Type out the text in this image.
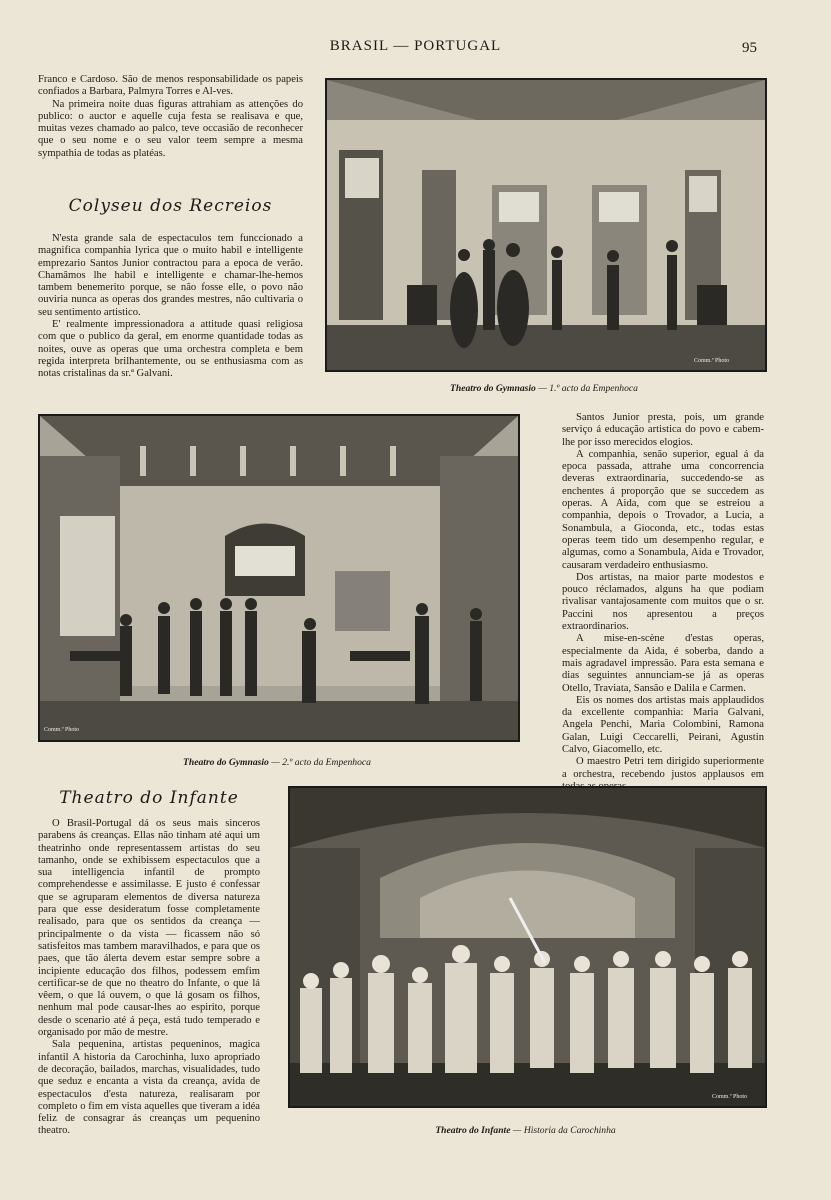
BRASIL — PORTUGAL	95

Franco e Cardoso. São de menos responsabilidade os papeis confiados a Barbara, Palmyra Torres e Al-ves.

Na primeira noite duas figuras attrahiam as attenções do publico: o auctor e aquelle cuja festa se realisava e que, muitas vezes chamado ao palco, teve occasião de reconhecer que o seu nome e o seu valor teem sempre a mesma sympathia de todas as platéas.

Colyseu dos Recreios

N'esta grande sala de espectaculos tem funccionado a magnifica companhia lyrica que o muito habil e intelligente emprezario Santos Junior contractou para a epoca de verão. Chamâmos lhe habil e intelligente e chamar-lhe-hemos tambem benemerito porque, se não fosse elle, o povo não ouviria nunca as operas dos grandes mestres, não cultivaria o seu sentimento artistico.

E' realmente impressionadora a attitude quasi religiosa com que o publico da geral, em enorme quantidade todas as noites, ouve as operas que uma orchestra completa e bem regida interpreta brilhantemente, ou se enthusiasma com as notas cristalinas da sr.ª Galvani.

Comm.ª Photo
Theatro do Gymnasio — 1.º acto da Empenhoca
Comm.ª Photo
Theatro do Gymnasio — 2.º acto da Empenhoca

Santos Junior presta, pois, um grande serviço á educação artistica do povo e cabem-lhe por isso merecidos elogios.

A companhia, senão superior, egual á da epoca passada, attrahe uma concorrencia deveras extraordinaria, succedendo-se as enchentes á proporção que se succedem as operas. A Aida, com que se estreiou a companhia, depois o Trovador, a Lucia, a Sonambula, a Gioconda, etc., todas estas operas teem tido um desempenho regular, e algumas, como a Sonambula, Aida e Trovador, causaram verdadeiro enthusiasmo.

Dos artistas, na maior parte modestos e pouco réclamados, alguns ha que podiam rivalisar vantajosamente com muitos que o sr. Paccini nos apresentou a preços extraordinarios.

A mise-en-scène d'estas operas, especialmente da Aida, é soberba, dando a mais agradavel impressão. Para esta semana e dias seguintes annunciam-se já as operas Otello, Traviata, Sansão e Dalila e Carmen.

Eis os nomes dos artistas mais applaudidos da excellente companhia: Maria Galvani, Angela Penchi, Maria Colombini, Ramona Galan, Luigi Ceccarelli, Peirani, Agustin Calvo, Giacomello, etc.

O maestro Petri tem dirigido superiormente a orchestra, recebendo justos applausos em

Theatro do Infante

O Brasil-Portugal dá os seus mais sinceros parabens ás creanças. Ellas não tinham até aqui um theatrinho onde representassem artistas do seu tamanho, onde se exhibissem espectaculos que a sua intelligencia infantil de prompto comprehendesse e assimilasse. E justo é confessar que se agruparam elementos de diversa natureza para que esse desideratum fosse completamente realisado, para que os sentidos da creança — principalmente o da vista — ficassem não só satisfeitos mas tambem maravilhados, e para que os paes, que tão álerta devem estar sempre sobre a incipiente educação dos filhos, podessem emfim certificar-se de que no theatro do Infante, o que lá vêem, o que lá ouvem, o que lá gosam os filhos, nenhum mal pode causar-lhes ao espirito, porque desde o scenario até á peça, está tudo temperado e organisado por mão de mestre.

Sala pequenina, artistas pequeninos, magica infantil A historia da Carochinha, luxo apropriado de decoração, bailados, marchas, visualidades, tudo que seduz e encanta a vista da creança, avida de espectaculos d'esta natureza, realisaram por completo o fim em vista aquelles que tiveram a idéa feliz de consagrar ás creanças um pequenino theatro.

Comm.ª Photo
Theatro do Infante — Historia da Carochinha
